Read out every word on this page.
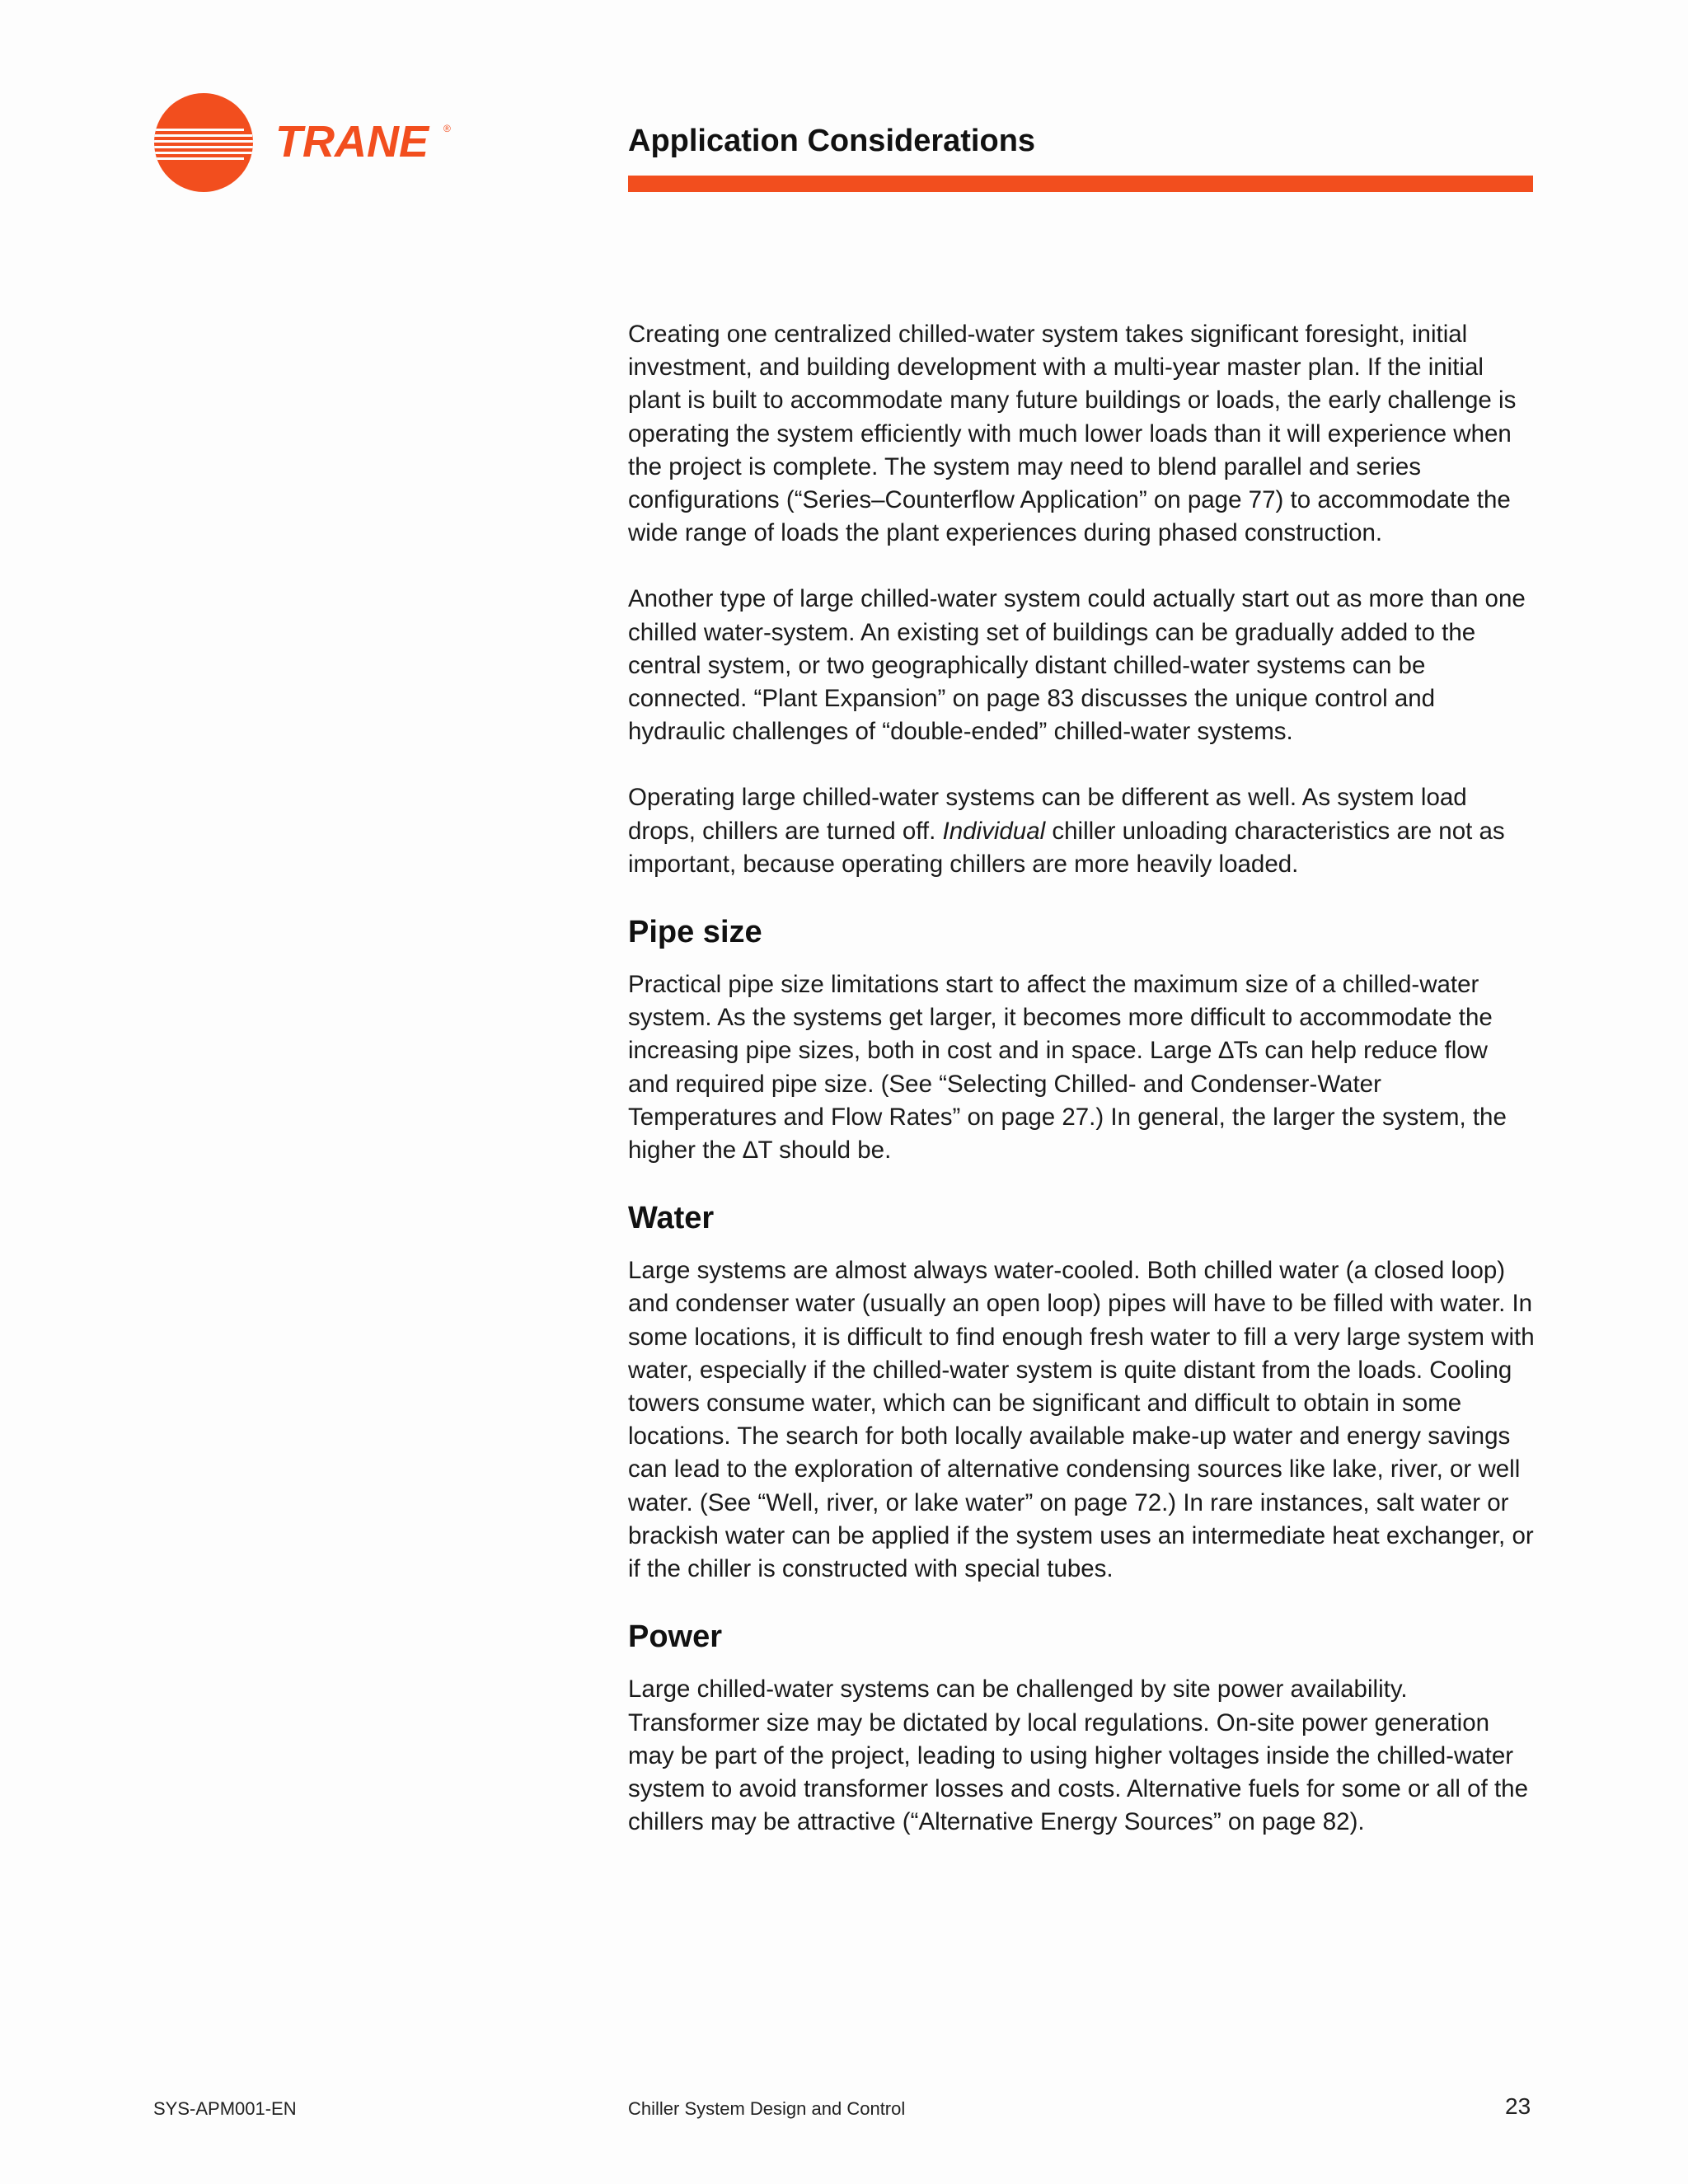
TRANE ®	Application Considerations

Creating one centralized chilled-water system takes significant foresight, initial investment, and building development with a multi-year master plan. If the initial plant is built to accommodate many future buildings or loads, the early challenge is operating the system efficiently with much lower loads than it will experience when the project is complete. The system may need to blend parallel and series configurations (“Series–Counterflow Application” on page 77) to accommodate the wide range of loads the plant experiences during phased construction.

Another type of large chilled-water system could actually start out as more than one chilled water-system. An existing set of buildings can be gradually added to the central system, or two geographically distant chilled-water systems can be connected. “Plant Expansion” on page 83 discusses the unique control and hydraulic challenges of “double-ended” chilled-water systems.

Operating large chilled-water systems can be different as well. As system load drops, chillers are turned off. Individual chiller unloading characteristics are not as important, because operating chillers are more heavily loaded.

Pipe size

Practical pipe size limitations start to affect the maximum size of a chilled-water system. As the systems get larger, it becomes more difficult to accommodate the increasing pipe sizes, both in cost and in space. Large ∆Ts can help reduce flow and required pipe size. (See “Selecting Chilled- and Condenser-Water Temperatures and Flow Rates” on page 27.) In general, the larger the system, the higher the ∆T should be.

Water

Large systems are almost always water-cooled. Both chilled water (a closed loop) and condenser water (usually an open loop) pipes will have to be filled with water. In some locations, it is difficult to find enough fresh water to fill a very large system with water, especially if the chilled-water system is quite distant from the loads. Cooling towers consume water, which can be significant and difficult to obtain in some locations. The search for both locally available make-up water and energy savings can lead to the exploration of alternative condensing sources like lake, river, or well water. (See “Well, river, or lake water” on page 72.) In rare instances, salt water or brackish water can be applied if the system uses an intermediate heat exchanger, or if the chiller is constructed with special tubes.

Power

Large chilled-water systems can be challenged by site power availability. Transformer size may be dictated by local regulations. On-site power generation may be part of the project, leading to using higher voltages inside the chilled-water system to avoid transformer losses and costs. Alternative fuels for some or all of the chillers may be attractive (“Alternative Energy Sources” on page 82).

SYS-APM001-EN	Chiller System Design and Control	23
